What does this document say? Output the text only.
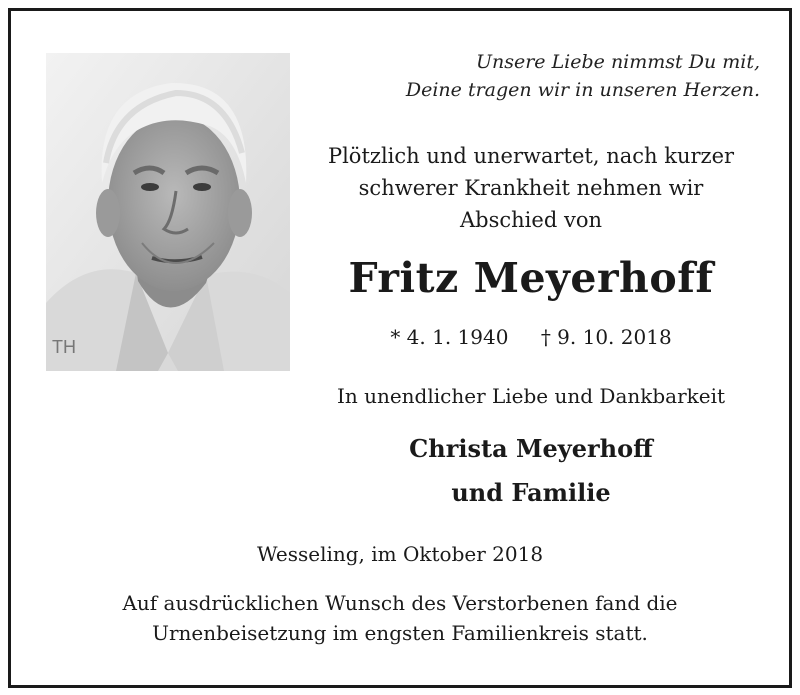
TH
Unsere Liebe nimmst Du mit,
Deine tragen wir in unseren Herzen.
Plötzlich und unerwartet, nach kurzer
schwerer Krankheit nehmen wir
Abschied von
Fritz Meyerhoff
* 4. 1. 1940 † 9. 10. 2018
In unendlicher Liebe und Dankbarkeit
Christa Meyerhoff
und Familie
Wesseling, im Oktober 2018
Auf ausdrücklichen Wunsch des Verstorbenen fand die
Urnenbeisetzung im engsten Familienkreis statt.
